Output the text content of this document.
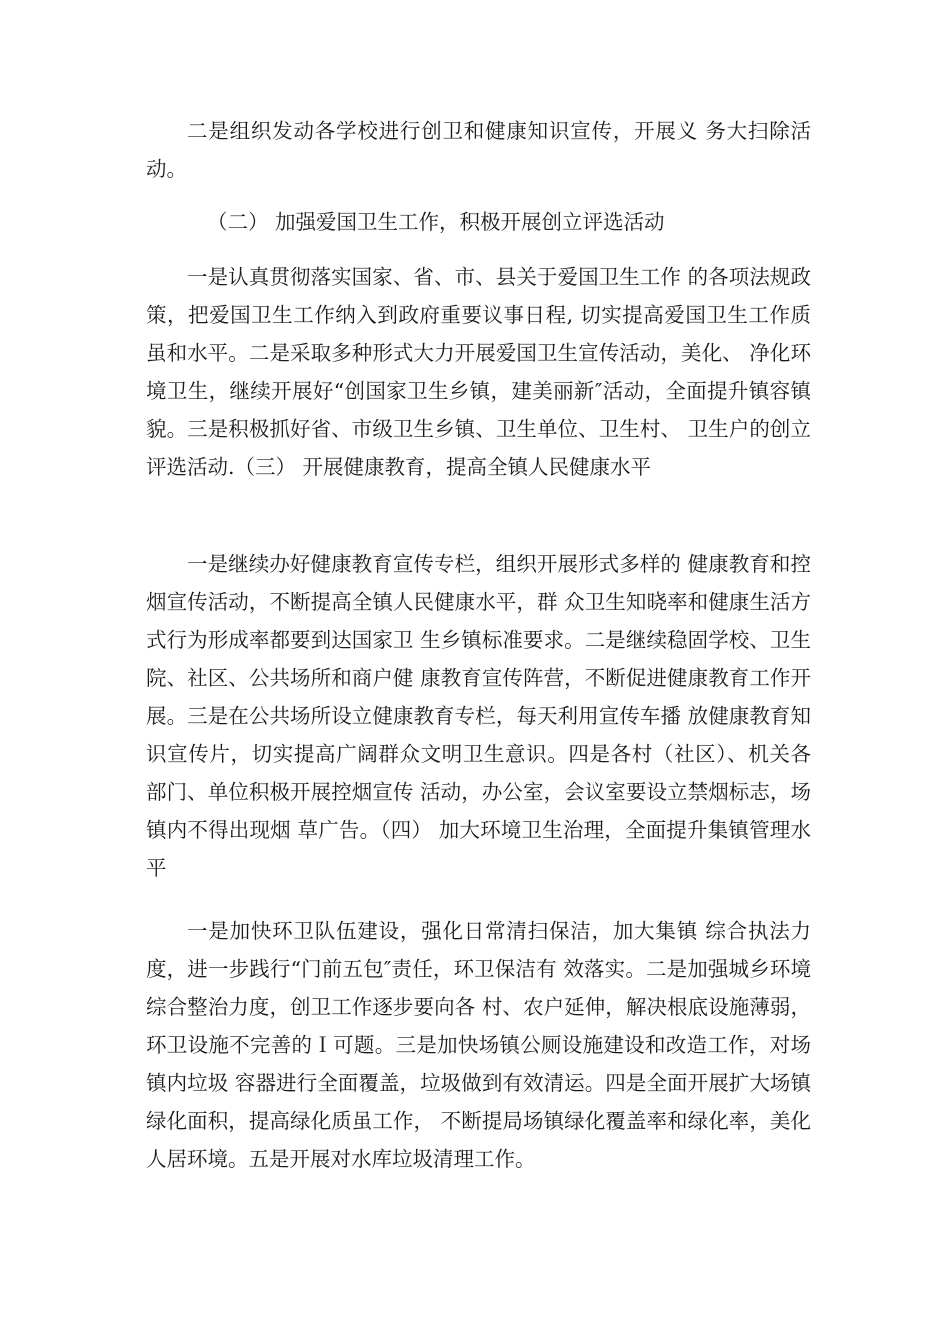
二是组织发动各学校进行创卫和健康知识宣传，开展义 务大扫除活动。

（二） 加强爱国卫生工作，积极开展创立评选活动

一是认真贯彻落实国家、省、市、县关于爱国卫生工作 的各项法规政策，把爱国卫生工作纳入到政府重要议事日程, 切实提高爱国卫生工作质虽和水平。二是采取多种形式大力开展爱国卫生宣传活动，美化、 净化环境卫生，继续开展好“创国家卫生乡镇，建美丽新″活动，全面提升镇容镇貌。三是积极抓好省、市级卫生乡镇、卫生单位、卫生村、 卫生户的创立评选活动.（三） 开展健康教育，提高全镇人民健康水平

一是继续办好健康教育宣传专栏，组织开展形式多样的 健康教育和控烟宣传活动，不断提高全镇人民健康水平，群 众卫生知晓率和健康生活方式行为形成率都要到达国家卫 生乡镇标准要求。二是继续稳固学校、卫生院、社区、公共场所和商户健 康教育宣传阵营，不断促进健康教育工作开展。三是在公共场所设立健康教育专栏，每天利用宣传车播 放健康教育知识宣传片，切实提高广阔群众文明卫生意识。四是各村（社区）、机关各部门、单位积极开展控烟宣传 活动，办公室，会议室要设立禁烟标志，场镇内不得出现烟 草广告。（四） 加大环境卫生治理，全面提升集镇管理水平

一是加快环卫队伍建设，强化日常清扫保洁，加大集镇 综合执法力度，进一步践行“门前五包″责任，环卫保洁有 效落实。二是加强城乡环境综合整治力度，创卫工作逐步要向各 村、农户延伸，解决根底设施薄弱，环卫设施不完善的Ｉ可题。三是加快场镇公厕设施建设和改造工作，对场镇内垃圾 容器进行全面覆盖，垃圾做到有效清运。四是全面开展扩大场镇绿化面积，提高绿化质虽工作， 不断提局场镇绿化覆盖率和绿化率，美化人居环境。五是开展对水库垃圾清理工作。
